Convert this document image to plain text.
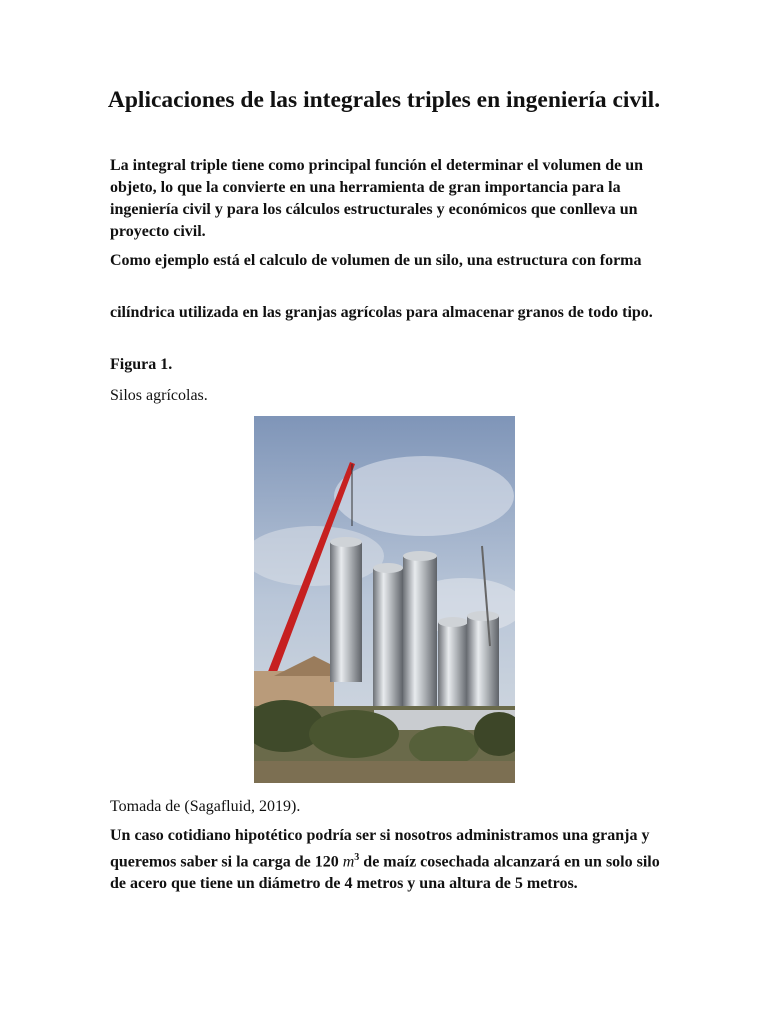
Aplicaciones de las integrales triples en ingeniería civil.

La integral triple tiene como principal función el determinar el volumen de un objeto, lo que la convierte en una herramienta de gran importancia para la ingeniería civil y para los cálculos estructurales y económicos que conlleva un proyecto civil.

Como ejemplo está el calculo de volumen de un silo, una estructura con forma

cilíndrica utilizada en las granjas agrícolas para almacenar granos de todo tipo.

Figura 1.

Silos agrícolas.

Tomada de (Sagafluid, 2019).

Un caso cotidiano hipotético podría ser si nosotros administramos una granja y queremos saber si la carga de 120 $m^3$ de maíz cosechada alcanzará en un solo silo de acero que tiene un diámetro de 4 metros y una altura de 5 metros.
